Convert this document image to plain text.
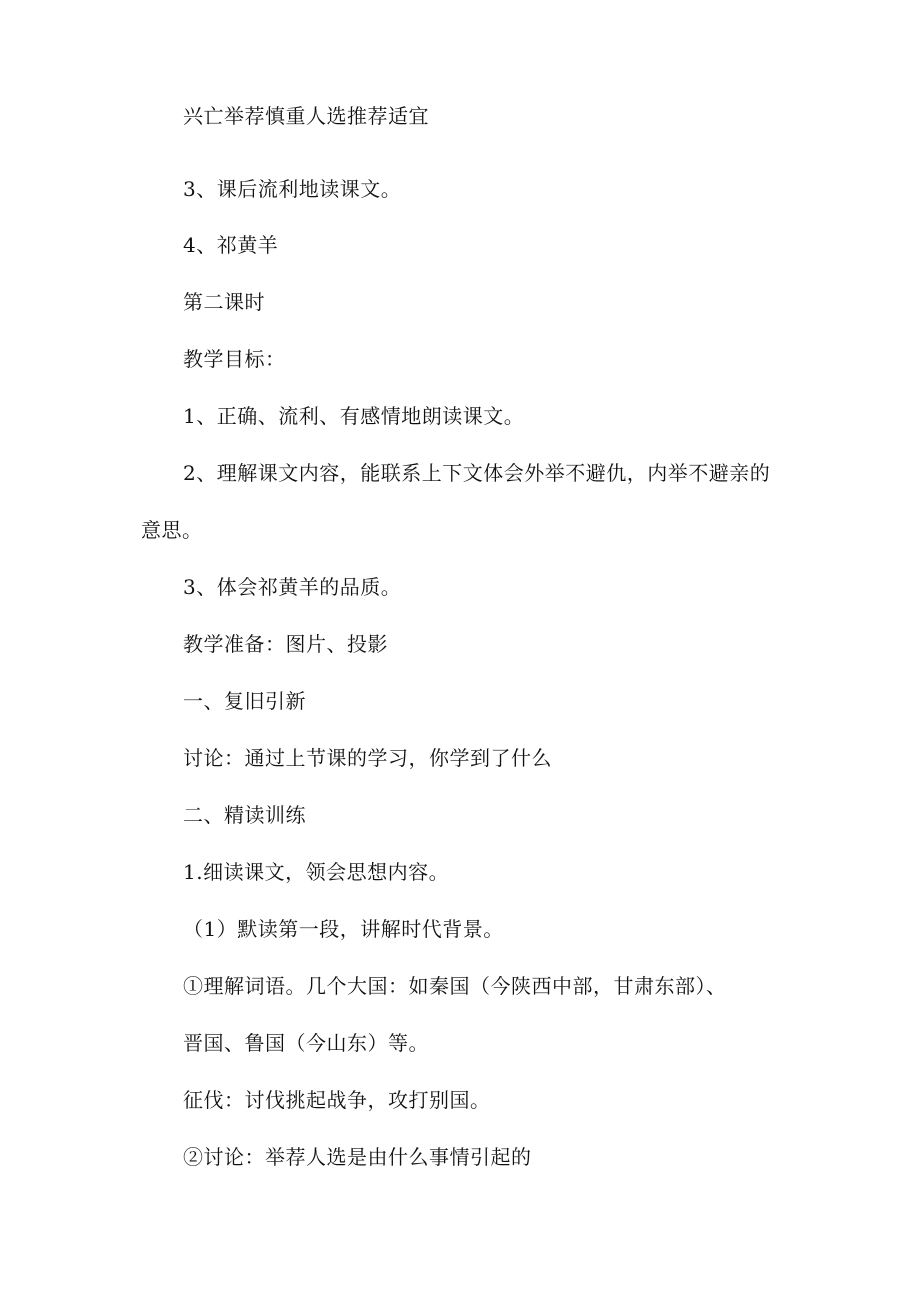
兴亡举荐慎重人选推荐适宜
3、课后流利地读课文。
4、祁黄羊
第二课时
教学目标：
1、正确、流利、有感情地朗读课文。
2、理解课文内容，能联系上下文体会外举不避仇，内举不避亲的
意思。
3、体会祁黄羊的品质。
教学准备：图片、投影
一、复旧引新
讨论：通过上节课的学习，你学到了什么
二、精读训练
1.细读课文，领会思想内容。
（1）默读第一段，讲解时代背景。
①理解词语。几个大国：如秦国（今陕西中部，甘肃东部）、
晋国、鲁国（今山东）等。
征伐：讨伐挑起战争，攻打别国。
②讨论：举荐人选是由什么事情引起的
